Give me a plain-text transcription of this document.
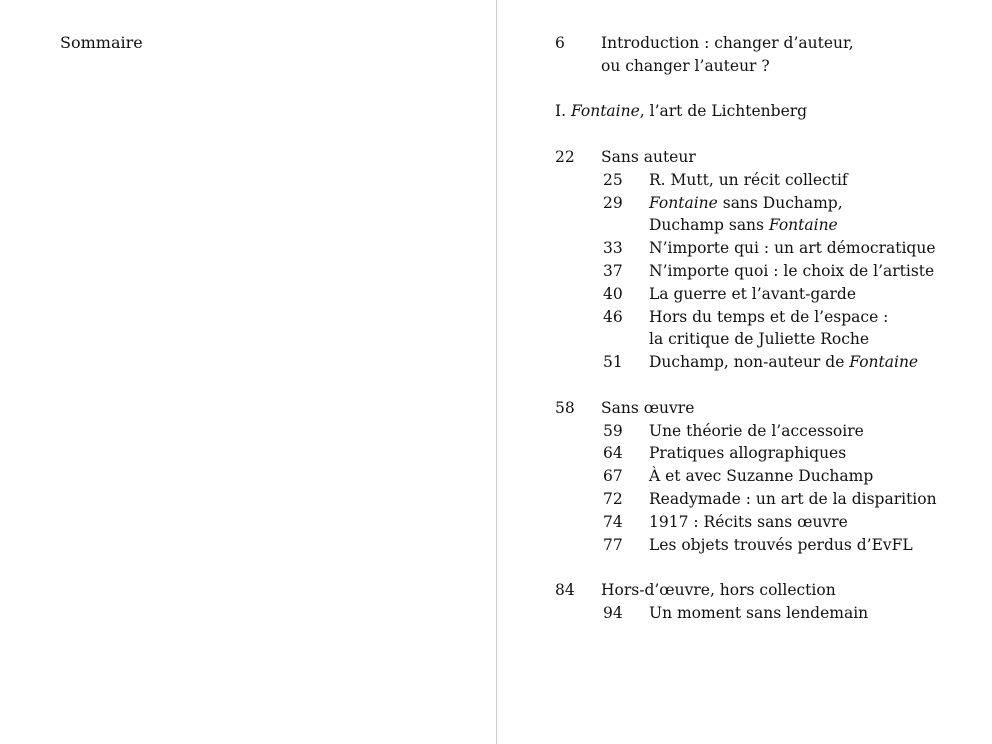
Sommaire	6 Introduction : changer d’auteur,
ou changer l’auteur ?
I. Fontaine, l’art de Lichtenberg
22 Sans auteur
25 R. Mutt, un récit collectif
29 Fontaine sans Duchamp,
Duchamp sans Fontaine
33 N’importe qui : un art démocratique
37 N’importe quoi : le choix de l’artiste
40 La guerre et l’avant-garde
46 Hors du temps et de l’espace :
la critique de Juliette Roche
51 Duchamp, non-auteur de Fontaine
58 Sans œuvre
59 Une théorie de l’accessoire
64 Pratiques allographiques
67 À et avec Suzanne Duchamp
72 Readymade : un art de la disparition
74 1917 : Récits sans œuvre
77 Les objets trouvés perdus d’EvFL
84 Hors-d’œuvre, hors collection
94 Un moment sans lendemain
